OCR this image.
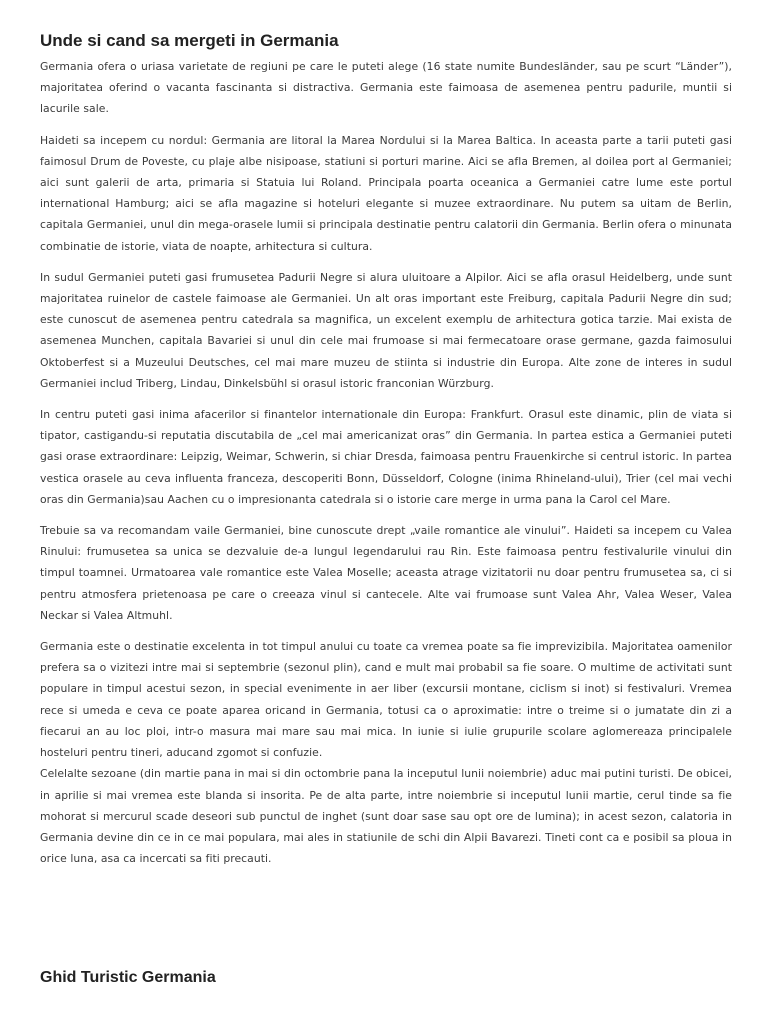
Unde si cand sa mergeti in Germania

Germania ofera o uriasa varietate de regiuni pe care le puteti alege (16 state numite Bundesländer, sau pe scurt “Länder”), majoritatea oferind o vacanta fascinanta si distractiva. Germania este faimoasa de asemenea pentru padurile, muntii si lacurile sale.

Haideti sa incepem cu nordul: Germania are litoral la Marea Nordului si la Marea Baltica. In aceasta parte a tarii puteti gasi faimosul Drum de Poveste, cu plaje albe nisipoase, statiuni si porturi marine. Aici se afla Bremen, al doilea port al Germaniei; aici sunt galerii de arta, primaria si Statuia lui Roland. Principala poarta oceanica a Germaniei catre lume este portul international Hamburg; aici se afla magazine si hoteluri elegante si muzee extraordinare. Nu putem sa uitam de Berlin, capitala Germaniei, unul din mega-orasele lumii si principala destinatie pentru calatorii din Germania. Berlin ofera o minunata combinatie de istorie, viata de noapte, arhitectura si cultura.

In sudul Germaniei puteti gasi frumusetea Padurii Negre si alura uluitoare a Alpilor. Aici se afla orasul Heidelberg, unde sunt majoritatea ruinelor de castele faimoase ale Germaniei. Un alt oras important este Freiburg, capitala Padurii Negre din sud; este cunoscut de asemenea pentru catedrala sa magnifica, un excelent exemplu de arhitectura gotica tarzie. Mai exista de asemenea Munchen, capitala Bavariei si unul din cele mai frumoase si mai fermecatoare orase germane, gazda faimosului Oktoberfest si a Muzeului Deutsches, cel mai mare muzeu de stiinta si industrie din Europa. Alte zone de interes in sudul Germaniei includ Triberg, Lindau, Dinkelsbühl si orasul istoric franconian Würzburg.

In centru puteti gasi inima afacerilor si finantelor internationale din Europa: Frankfurt. Orasul este dinamic, plin de viata si tipator, castigandu-si reputatia discutabila de „cel mai americanizat oras” din Germania. In partea estica a Germaniei puteti gasi orase extraordinare: Leipzig, Weimar, Schwerin, si chiar Dresda, faimoasa pentru Frauenkirche si centrul istoric. In partea vestica orasele au ceva influenta franceza, descoperiti Bonn, Düsseldorf, Cologne (inima Rhineland-ului), Trier (cel mai vechi oras din Germania)sau Aachen cu o impresionanta catedrala si o istorie care merge in urma pana la Carol cel Mare.

Trebuie sa va recomandam vaile Germaniei, bine cunoscute drept „vaile romantice ale vinului”. Haideti sa incepem cu Valea Rinului: frumusetea sa unica se dezvaluie de-a lungul legendarului rau Rin. Este faimoasa pentru festivalurile vinului din timpul toamnei. Urmatoarea vale romantice este Valea Moselle; aceasta atrage vizitatorii nu doar pentru frumusetea sa, ci si pentru atmosfera prietenoasa pe care o creeaza vinul si cantecele. Alte vai frumoase sunt Valea Ahr, Valea Weser, Valea Neckar si Valea Altmuhl.

Germania este o destinatie excelenta in tot timpul anului cu toate ca vremea poate sa fie imprevizibila. Majoritatea oamenilor prefera sa o vizitezi intre mai si septembrie (sezonul plin), cand e mult mai probabil sa fie soare. O multime de activitati sunt populare in timpul acestui sezon, in special evenimente in aer liber (excursii montane, ciclism si inot) si festivaluri. Vremea rece si umeda e ceva ce poate aparea oricand in Germania, totusi ca o aproximatie: intre o treime si o jumatate din zi a fiecarui an au loc ploi, intr-o masura mai mare sau mai mica. In iunie si iulie grupurile scolare aglomereaza principalele hosteluri pentru tineri, aducand zgomot si confuzie.

Celelalte sezoane (din martie pana in mai si din octombrie pana la inceputul lunii noiembrie) aduc mai putini turisti. De obicei, in aprilie si mai vremea este blanda si insorita. Pe de alta parte, intre noiembrie si inceputul lunii martie, cerul tinde sa fie mohorat si mercurul scade deseori sub punctul de inghet (sunt doar sase sau opt ore de lumina); in acest sezon, calatoria in Germania devine din ce in ce mai populara, mai ales in statiunile de schi din Alpii Bavarezi. Tineti cont ca e posibil sa ploua in orice luna, asa ca incercati sa fiti precauti.

Ghid Turistic Germania
